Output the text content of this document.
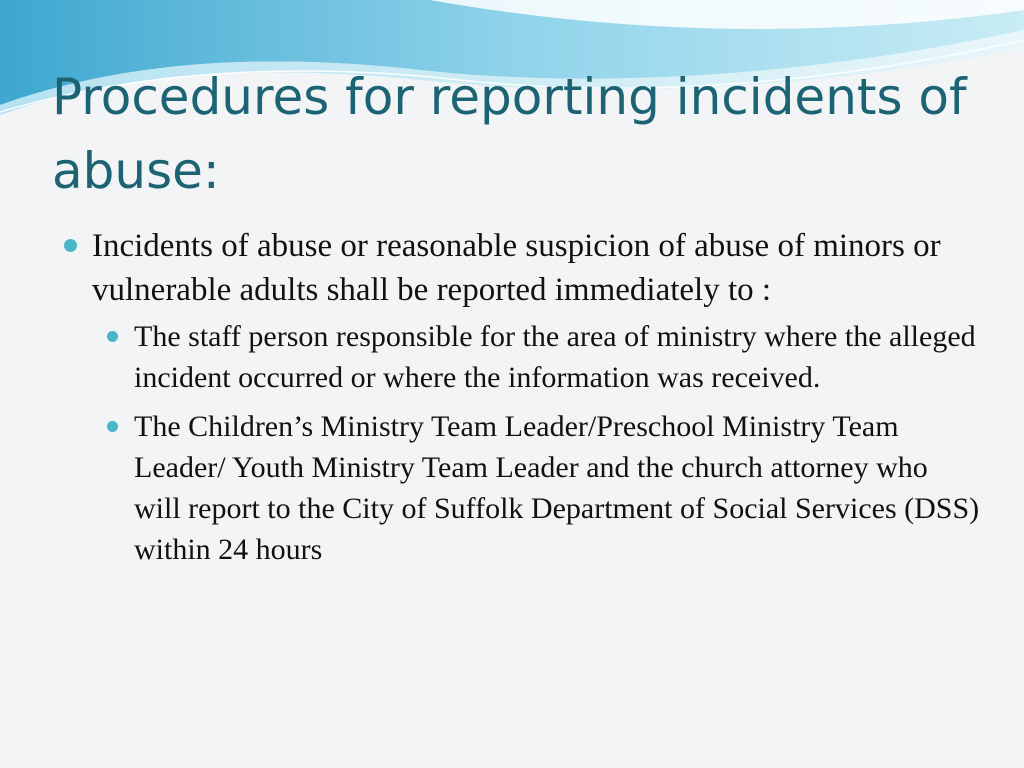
Procedures for reporting incidents of abuse:
Incidents of abuse or reasonable suspicion of abuse of minors or vulnerable adults shall be reported immediately to :
The staff person responsible for the area of ministry where the alleged incident occurred or where the information was received.
The Children’s Ministry Team Leader/Preschool Ministry Team Leader/ Youth Ministry Team Leader and the church attorney who will report to the City of Suffolk Department of Social Services (DSS) within 24 hours
